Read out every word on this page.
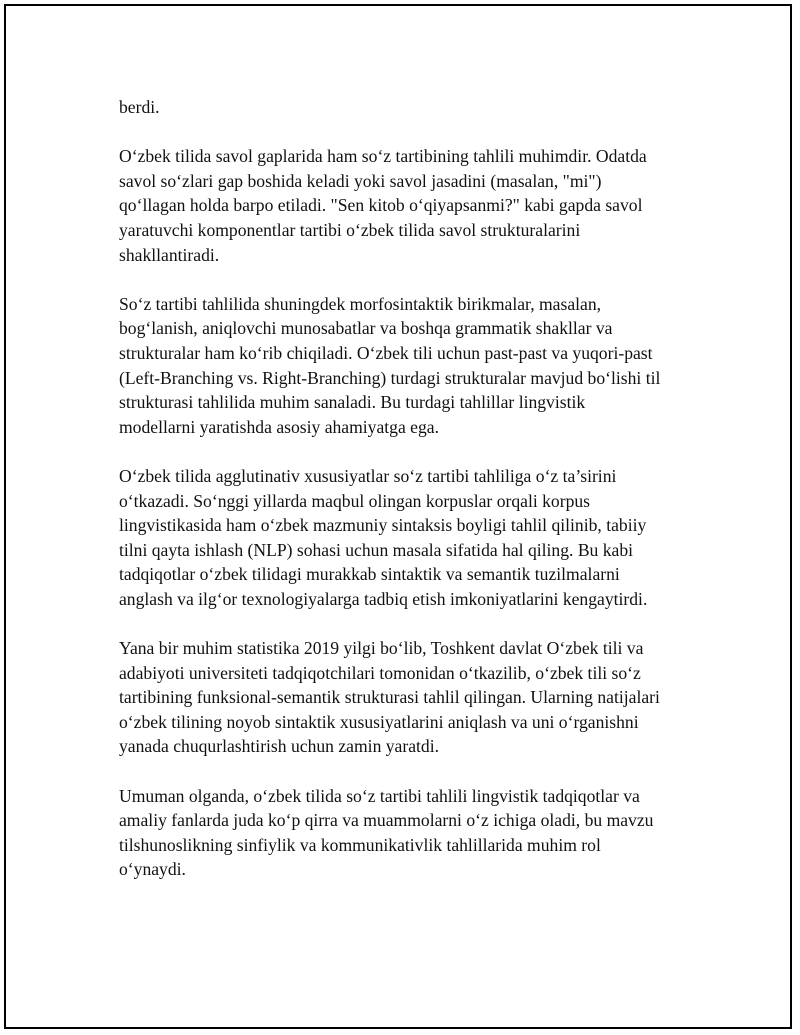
berdi.

O‘zbek tilida savol gaplarida ham so‘z tartibining tahlili muhimdir. Odatda
savol so‘zlari gap boshida keladi yoki savol jasadini (masalan, "mi")
qo‘llagan holda barpo etiladi. "Sen kitob o‘qiyapsanmi?" kabi gapda savol
yaratuvchi komponentlar tartibi o‘zbek tilida savol strukturalarini
shakllantiradi.

So‘z tartibi tahlilida shuningdek morfosintaktik birikmalar, masalan,
bog‘lanish, aniqlovchi munosabatlar va boshqa grammatik shakllar va
strukturalar ham ko‘rib chiqiladi. O‘zbek tili uchun past-past va yuqori-past
(Left-Branching vs. Right-Branching) turdagi strukturalar mavjud bo‘lishi til
strukturasi tahlilida muhim sanaladi. Bu turdagi tahlillar lingvistik
modellarni yaratishda asosiy ahamiyatga ega.

O‘zbek tilida agglutinativ xususiyatlar so‘z tartibi tahliliga o‘z ta’sirini
o‘tkazadi. So‘nggi yillarda maqbul olingan korpuslar orqali korpus
lingvistikasida ham o‘zbek mazmuniy sintaksis boyligi tahlil qilinib, tabiiy
tilni qayta ishlash (NLP) sohasi uchun masala sifatida hal qiling. Bu kabi
tadqiqotlar o‘zbek tilidagi murakkab sintaktik va semantik tuzilmalarni
anglash va ilg‘or texnologiyalarga tadbiq etish imkoniyatlarini kengaytirdi.

Yana bir muhim statistika 2019 yilgi bo‘lib, Toshkent davlat O‘zbek tili va
adabiyoti universiteti tadqiqotchilari tomonidan o‘tkazilib, o‘zbek tili so‘z
tartibining funksional-semantik strukturasi tahlil qilingan. Ularning natijalari
o‘zbek tilining noyob sintaktik xususiyatlarini aniqlash va uni o‘rganishni
yanada chuqurlashtirish uchun zamin yaratdi.

Umuman olganda, o‘zbek tilida so‘z tartibi tahlili lingvistik tadqiqotlar va
amaliy fanlarda juda ko‘p qirra va muammolarni o‘z ichiga oladi, bu mavzu
tilshunoslikning sinfiylik va kommunikativlik tahlillarida muhim rol
o‘ynaydi.
